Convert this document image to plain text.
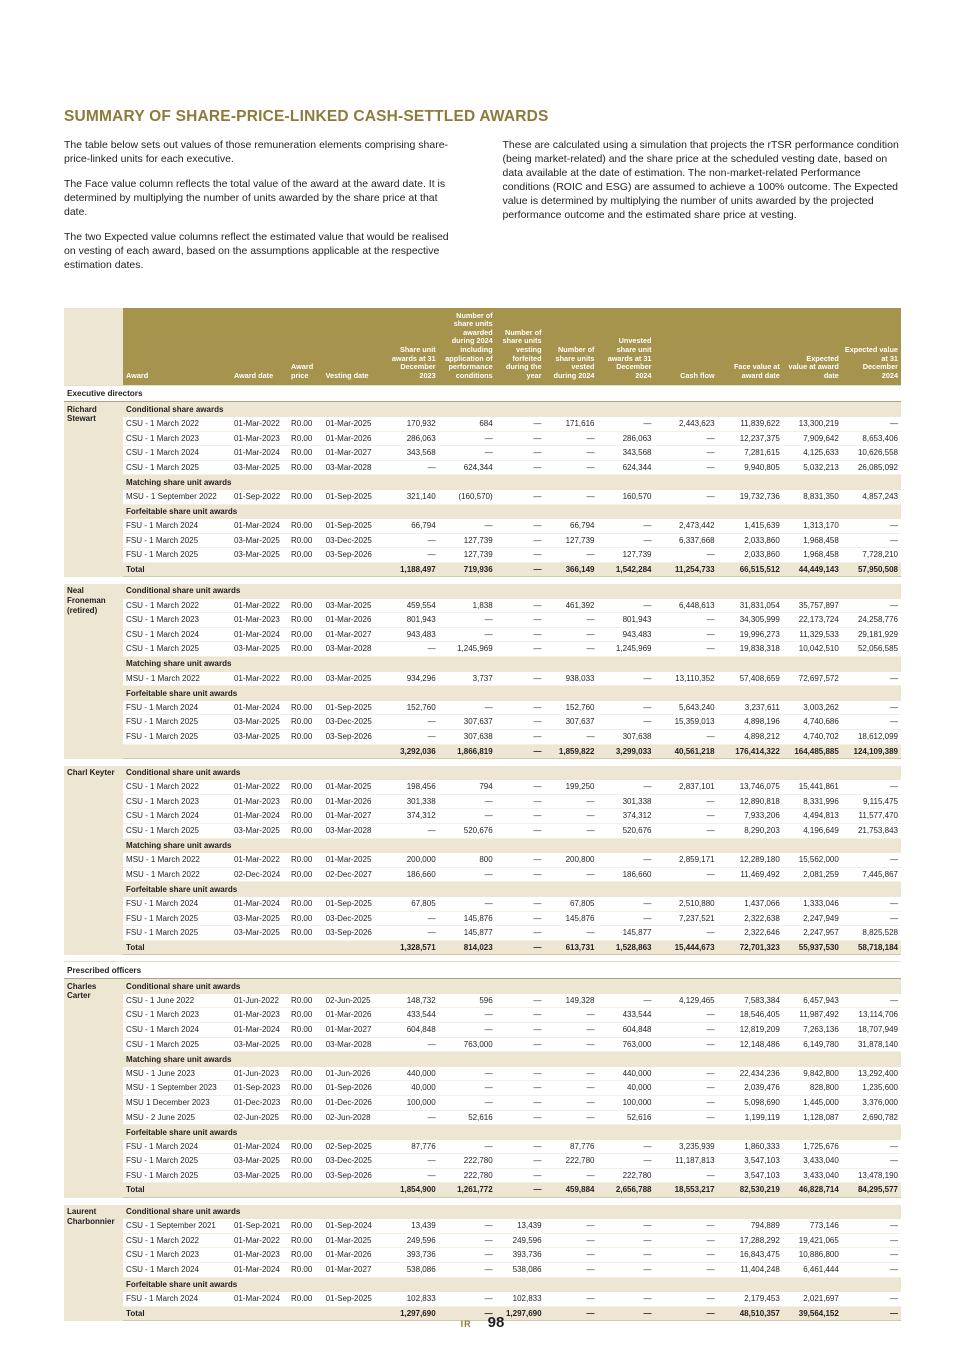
SUMMARY OF SHARE-PRICE-LINKED CASH-SETTLED AWARDS

The table below sets out values of those remuneration elements comprising share-price-linked units for each executive.

The Face value column reflects the total value of the award at the award date. It is determined by multiplying the number of units awarded by the share price at that date.

The two Expected value columns reflect the estimated value that would be realised on vesting of each award, based on the assumptions applicable at the respective estimation dates.

These are calculated using a simulation that projects the rTSR performance condition (being market-related) and the share price at the scheduled vesting date, based on data available at the date of estimation. The non-market-related Performance conditions (ROIC and ESG) are assumed to achieve a 100% outcome. The Expected value is determined by multiplying the number of units awarded by the projected performance outcome and the estimated share price at vesting.

	Award	Award date	Award price	Vesting date	Share unit awards at 31 December 2023	Number of share units awarded during 2024 including application of performance conditions	Number of share units vesting forfeited during the year	Number of share units vested during 2024	Unvested share unit awards at 31 December 2024	Cash flow	Face value at award date	Expected value at award date	Expected value at 31 December 2024
Executive directors													
Richard Stewart	Conditional share awards												
	CSU - 1 March 2022	01-Mar-2022	R0.00	01-Mar-2025	170,932	684	—	171,616	—	2,443,623	11,839,622	13,300,219	—
	CSU - 1 March 2023	01-Mar-2023	R0.00	01-Mar-2026	286,063	—	—	—	286,063	—	12,237,375	7,909,642	8,653,406
	CSU - 1 March 2024	01-Mar-2024	R0.00	01-Mar-2027	343,568	—	—	—	343,568	—	7,281,615	4,125,633	10,626,558
	CSU - 1 March 2025	03-Mar-2025	R0.00	03-Mar-2028	—	624,344	—	—	624,344	—	9,940,805	5,032,213	26,085,092
	Matching share unit awards												
	MSU - 1 September 2022	01-Sep-2022	R0.00	01-Sep-2025	321,140	(160,570)	—	—	160,570	—	19,732,736	8,831,350	4,857,243
	Forfeitable share unit awards												
	FSU - 1 March 2024	01-Mar-2024	R0.00	01-Sep-2025	66,794	—	—	66,794	—	2,473,442	1,415,639	1,313,170	—
	FSU - 1 March 2025	03-Mar-2025	R0.00	03-Dec-2025	—	127,739	—	127,739	—	6,337,668	2,033,860	1,968,458	—
	FSU - 1 March 2025	03-Mar-2025	R0.00	03-Sep-2026	—	127,739	—	—	127,739	—	2,033,860	1,968,458	7,728,210
	Total				1,188,497	719,936	—	366,149	1,542,284	11,254,733	66,515,512	44,449,143	57,950,508

Neal Froneman (retired)	Conditional share unit awards												
	CSU - 1 March 2022	01-Mar-2022	R0.00	03-Mar-2025	459,554	1,838	—	461,392	—	6,448,613	31,831,054	35,757,897	—
	CSU - 1 March 2023	01-Mar-2023	R0.00	01-Mar-2026	801,943	—	—	—	801,943	—	34,305,999	22,173,724	24,258,776
	CSU - 1 March 2024	01-Mar-2024	R0.00	01-Mar-2027	943,483	—	—	—	943,483	—	19,996,273	11,329,533	29,181,929
	CSU - 1 March 2025	03-Mar-2025	R0.00	03-Mar-2028	—	1,245,969	—	—	1,245,969	—	19,838,318	10,042,510	52,056,585
	Matching share unit awards												
	MSU - 1 March 2022	01-Mar-2022	R0.00	03-Mar-2025	934,296	3,737	—	938,033	—	13,110,352	57,408,659	72,697,572	—
	Forfeitable share unit awards												
	FSU - 1 March 2024	01-Mar-2024	R0.00	01-Sep-2025	152,760	—	—	152,760	—	5,643,240	3,237,611	3,003,262	—
	FSU - 1 March 2025	03-Mar-2025	R0.00	03-Dec-2025	—	307,637	—	307,637	—	15,359,013	4,898,196	4,740,686	—
	FSU - 1 March 2025	03-Mar-2025	R0.00	03-Sep-2026	—	307,638	—	—	307,638	—	4,898,212	4,740,702	18,612,099
					3,292,036	1,866,819	—	1,859,822	3,299,033	40,561,218	176,414,322	164,485,885	124,109,389

Charl Keyter	Conditional share unit awards												
	CSU - 1 March 2022	01-Mar-2022	R0.00	01-Mar-2025	198,456	794	—	199,250	—	2,837,101	13,746,075	15,441,861	—
	CSU - 1 March 2023	01-Mar-2023	R0.00	01-Mar-2026	301,338	—	—	—	301,338	—	12,890,818	8,331,996	9,115,475
	CSU - 1 March 2024	01-Mar-2024	R0.00	01-Mar-2027	374,312	—	—	—	374,312	—	7,933,206	4,494,813	11,577,470
	CSU - 1 March 2025	03-Mar-2025	R0.00	03-Mar-2028	—	520,676	—	—	520,676	—	8,290,203	4,196,649	21,753,843
	Matching share unit awards												
	MSU - 1 March 2022	01-Mar-2022	R0.00	01-Mar-2025	200,000	800	—	200,800	—	2,859,171	12,289,180	15,562,000	—
	MSU - 1 March 2022	02-Dec-2024	R0.00	02-Dec-2027	186,660	—	—	—	186,660	—	11,469,492	2,081,259	7,445,867
	Forfeitable share unit awards												
	FSU - 1 March 2024	01-Mar-2024	R0.00	01-Sep-2025	67,805	—	—	67,805	—	2,510,880	1,437,066	1,333,046	—
	FSU - 1 March 2025	03-Mar-2025	R0.00	03-Dec-2025	—	145,876	—	145,876	—	7,237,521	2,322,638	2,247,949	—
	FSU - 1 March 2025	03-Mar-2025	R0.00	03-Sep-2026	—	145,877	—	—	145,877	—	2,322,646	2,247,957	8,825,528
	Total				1,328,571	814,023	—	613,731	1,528,863	15,444,673	72,701,323	55,937,530	58,718,184

Prescribed officers													
Charles Carter	Conditional share unit awards												
	CSU - 1 June 2022	01-Jun-2022	R0.00	02-Jun-2025	148,732	596	—	149,328	—	4,129,465	7,583,384	6,457,943	—
	CSU - 1 March 2023	01-Mar-2023	R0.00	01-Mar-2026	433,544	—	—	—	433,544	—	18,546,405	11,987,492	13,114,706
	CSU - 1 March 2024	01-Mar-2024	R0.00	01-Mar-2027	604,848	—	—	—	604,848	—	12,819,209	7,263,136	18,707,949
	CSU - 1 March 2025	03-Mar-2025	R0.00	03-Mar-2028	—	763,000	—	—	763,000	—	12,148,486	6,149,780	31,878,140
	Matching share unit awards												
	MSU - 1 June 2023	01-Jun-2023	R0.00	01-Jun-2026	440,000	—	—	—	440,000	—	22,434,236	9,842,800	13,292,400
	MSU - 1 September 2023	01-Sep-2023	R0.00	01-Sep-2026	40,000	—	—	—	40,000	—	2,039,476	828,800	1,235,600
	MSU 1 December 2023	01-Dec-2023	R0.00	01-Dec-2026	100,000	—	—	—	100,000	—	5,098,690	1,445,000	3,376,000
	MSU - 2 June 2025	02-Jun-2025	R0.00	02-Jun-2028	—	52,616	—	—	52,616	—	1,199,119	1,128,087	2,690,782
	Forfeitable share unit awards												
	FSU - 1 March 2024	01-Mar-2024	R0.00	02-Sep-2025	87,776	—	—	87,776	—	3,235,939	1,860,333	1,725,676	—
	FSU - 1 March 2025	03-Mar-2025	R0.00	03-Dec-2025	—	222,780	—	222,780	—	11,187,813	3,547,103	3,433,040	—
	FSU - 1 March 2025	03-Mar-2025	R0.00	03-Sep-2026	—	222,780	—	—	222,780	—	3,547,103	3,433,040	13,478,190
	Total				1,854,900	1,261,772	—	459,884	2,656,788	18,553,217	82,530,219	46,828,714	84,295,577

Laurent Charbonnier	Conditional share unit awards												
	CSU - 1 September 2021	01-Sep-2021	R0.00	01-Sep-2024	13,439	—	13,439	—	—	—	794,889	773,146	—
	CSU - 1 March 2022	01-Mar-2022	R0.00	01-Mar-2025	249,596	—	249,596	—	—	—	17,288,292	19,421,065	—
	CSU - 1 March 2023	01-Mar-2023	R0.00	01-Mar-2026	393,736	—	393,736	—	—	—	16,843,475	10,886,800	—
	CSU - 1 March 2024	01-Mar-2024	R0.00	01-Mar-2027	538,086	—	538,086	—	—	—	11,404,248	6,461,444	—
	Forfeitable share unit awards												
	FSU - 1 March 2024	01-Mar-2024	R0.00	01-Sep-2025	102,833	—	102,833	—	—	—	2,179,453	2,021,697	—
	Total				1,297,690	—	1,297,690	—	—	—	48,510,357	39,564,152	—
IR 98
